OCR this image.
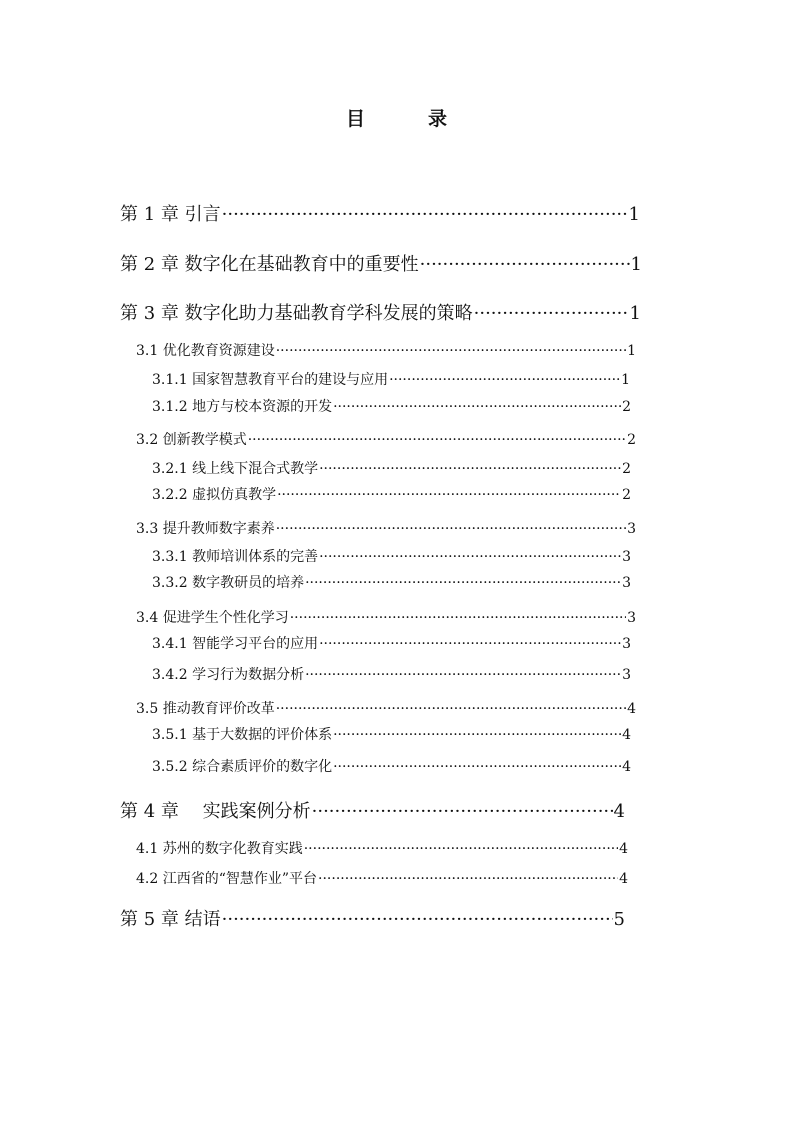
目　录
第 1 章 引言 ·····	1
第 2 章 数字化在基础教育中的重要性 ·····	1
第 3 章 数字化助力基础教育学科发展的策略 ·····	1
3.1 优化教育资源建设 ·····	1
3.1.1 国家智慧教育平台的建设与应用 ·····	1
3.1.2 地方与校本资源的开发 ·····	2
3.2 创新教学模式 ·····	2
3.2.1 线上线下混合式教学 ·····	2
3.2.2 虚拟仿真教学 ·····	2
3.3 提升教师数字素养 ·····	3
3.3.1 教师培训体系的完善 ·····	3
3.3.2 数字教研员的培养 ·····	3
3.4 促进学生个性化学习 ·····	3
3.4.1 智能学习平台的应用 ·····	3
3.4.2 学习行为数据分析 ·····	3
3.5 推动教育评价改革 ·····	4
3.5.1 基于大数据的评价体系 ·····	4
3.5.2 综合素质评价的数字化 ·····	4
第 4 章　 实践案例分析 ·····	4
4.1 苏州的数字化教育实践 ·····	4
4.2 江西省的“智慧作业”平台 ·····	4
第 5 章 结语 ·····	5
